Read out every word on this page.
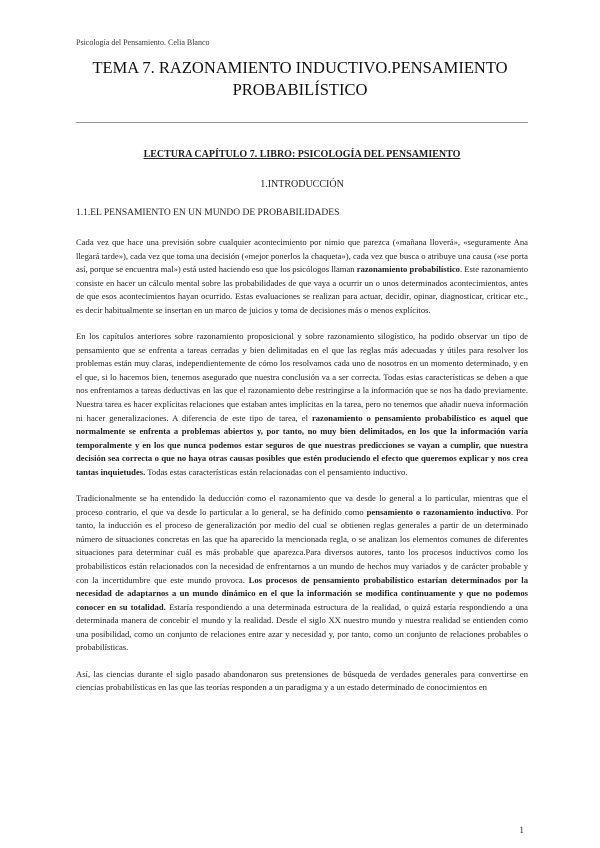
Psicología del Pensamiento. Celia Blanco
TEMA 7. RAZONAMIENTO INDUCTIVO.PENSAMIENTO
PROBABILÍSTICO
LECTURA CAPÍTULO 7. LIBRO: PSICOLOGÍA DEL PENSAMIENTO
1.INTRODUCCIÓN
1.1.EL PENSAMIENTO EN UN MUNDO DE PROBABILIDADES

Cada vez que hace una previsión sobre cualquier acontecimiento por nimio que parezca («mañana lloverá», «seguramente Ana llegará tarde»), cada vez que toma una decisión («mejor ponerlos la chaqueta»), cada vez que busca o atribuye una causa («se porta así, porque se encuentra mal») está usted haciendo eso que los psicólogos llaman razonamiento probabilístico. Este razonamiento consiste en hacer un cálculo mental sobre las probabilidades de que vaya a ocurrir un o unos determinados acontecimientos, antes de que esos acontecimientos hayan ocurrido. Estas evaluaciones se realizan para actuar, decidir, opinar, diagnosticar, criticar etc., es decir habitualmente se insertan en un marco de juicios y toma de decisiones más o menos explícitos.

En los capítulos anteriores sobre razonamiento proposicional y sobre razonamiento silogístico, ha podido observar un tipo de pensamiento que se enfrenta a tareas cerradas y bien delimitadas en el que las reglas más adecuadas y útiles para resolver los problemas están muy claras, independientemente de cómo los resolvamos cada uno de nosotros en un momento determinado, y en el que, si lo hacemos bien, tenemos asegurado que nuestra conclusión va a ser correcta. Todas estas características se deben a que nos enfrentamos a tareas deductivas en las que el razonamiento debe restringirse a la información que se nos ha dado previamente. Nuestra tarea es hacer explícitas relaciones que estaban antes implícitas en la tarea, pero no tenemos que añadir nueva información ni hacer generalizaciones. A diferencia de este tipo de tarea, el razonamiento o pensamiento probabilístico es aquel que normalmente se enfrenta a problemas abiertos y, por tanto, no muy bien delimitados, en los que la información varía temporalmente y en los que nunca podemos estar seguros de que nuestras predicciones se vayan a cumplir, que nuestra decisión sea correcta o que no haya otras causas posibles que estén produciendo el efecto que queremos explicar y nos crea tantas inquietudes. Todas estas características están relacionadas con el pensamiento inductivo.

Tradicionalmente se ha entendido la deducción como el razonamiento que va desde lo general a lo particular, mientras que el proceso contrario, el que va desde lo particular a lo general, se ha definido como pensamiento o razonamiento inductivo. Por tanto, la inducción es el proceso de generalización por medio del cual se obtienen reglas generales a partir de un determinado número de situaciones concretas en las que ha aparecido la mencionada regla, o se analizan los elementos comunes de diferentes situaciones para determinar cuál es más probable que aparezca.Para diversos autores, tanto los procesos inductivos como los probabilísticos están relacionados con la necesidad de enfrentarnos a un mundo de hechos muy variados y de carácter probable y con la incertidumbre que este mundo provoca. Los procesos de pensamiento probabilístico estarían determinados por la necesidad de adaptarnos a un mundo dinámico en el que la información se modifica continuamente y que no podemos conocer en su totalidad. Estaría respondiendo a una determinada estructura de la realidad, o quizá estaría respondiendo a una determinada manera de concebir el mundo y la realidad. Desde el siglo XX nuestro mundo y nuestra realidad se entienden como una posibilidad, como un conjunto de relaciones entre azar y necesidad y, por tanto, como un conjunto de relaciones probables o probabilísticas.

Así, las ciencias durante el siglo pasado abandonaron sus pretensiones de búsqueda de verdades generales para convertirse en ciencias probabilísticas en las que las teorías responden a un paradigma y a un estado determinado de conocimientos en

1
